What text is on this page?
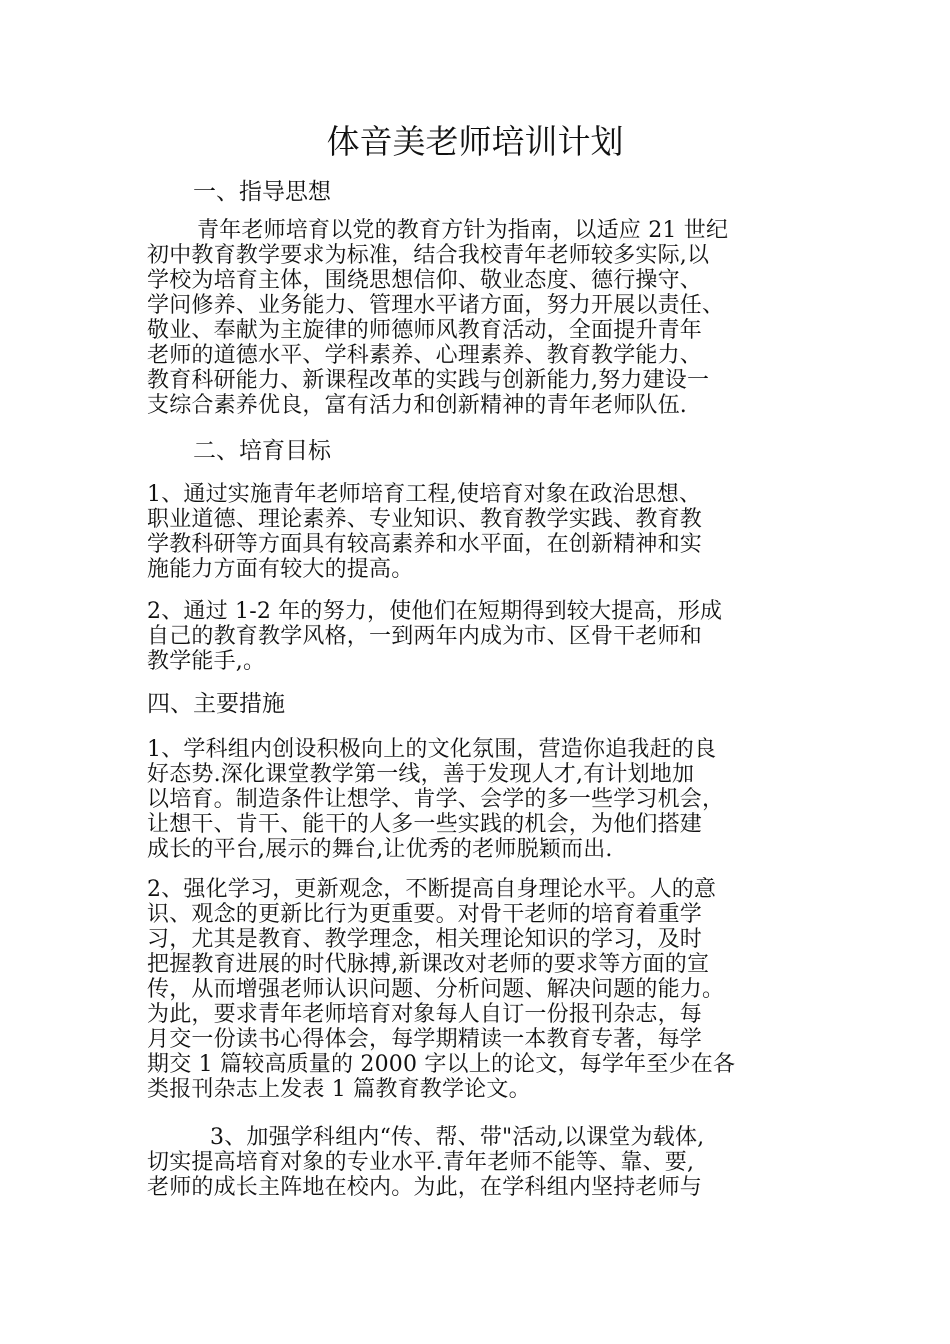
体音美老师培训计划
一、指导思想
青年老师培育以党的教育方针为指南，以适应 21 世纪
初中教育教学要求为标准，结合我校青年老师较多实际,以
学校为培育主体，围绕思想信仰、敬业态度、德行操守、
学问修养、业务能力、管理水平诸方面，努力开展以责任、
敬业、奉献为主旋律的师德师风教育活动，全面提升青年
老师的道德水平、学科素养、心理素养、教育教学能力、
教育科研能力、新课程改革的实践与创新能力,努力建设一
支综合素养优良，富有活力和创新精神的青年老师队伍.
二、培育目标
1、通过实施青年老师培育工程,使培育对象在政治思想、
职业道德、理论素养、专业知识、教育教学实践、教育教
学教科研等方面具有较高素养和水平面，在创新精神和实
施能力方面有较大的提高。
2、通过 1-2 年的努力，使他们在短期得到较大提高，形成
自己的教育教学风格，一到两年内成为市、区骨干老师和
教学能手,。
四、主要措施
1、学科组内创设积极向上的文化氛围，营造你追我赶的良
好态势.深化课堂教学第一线，善于发现人才,有计划地加
以培育。制造条件让想学、肯学、会学的多一些学习机会，
让想干、肯干、能干的人多一些实践的机会，为他们搭建
成长的平台,展示的舞台,让优秀的老师脱颖而出.
2、强化学习，更新观念，不断提高自身理论水平。人的意
识、观念的更新比行为更重要。对骨干老师的培育着重学
习，尤其是教育、教学理念，相关理论知识的学习，及时
把握教育进展的时代脉搏,新课改对老师的要求等方面的宣
传，从而增强老师认识问题、分析问题、解决问题的能力。
为此，要求青年老师培育对象每人自订一份报刊杂志，每
月交一份读书心得体会，每学期精读一本教育专著，每学
期交 1 篇较高质量的 2000 字以上的论文，每学年至少在各
类报刊杂志上发表 1 篇教育教学论文。
3、加强学科组内“传、帮、带"活动,以课堂为载体,
切实提高培育对象的专业水平.青年老师不能等、靠、要,
老师的成长主阵地在校内。为此，在学科组内坚持老师与
